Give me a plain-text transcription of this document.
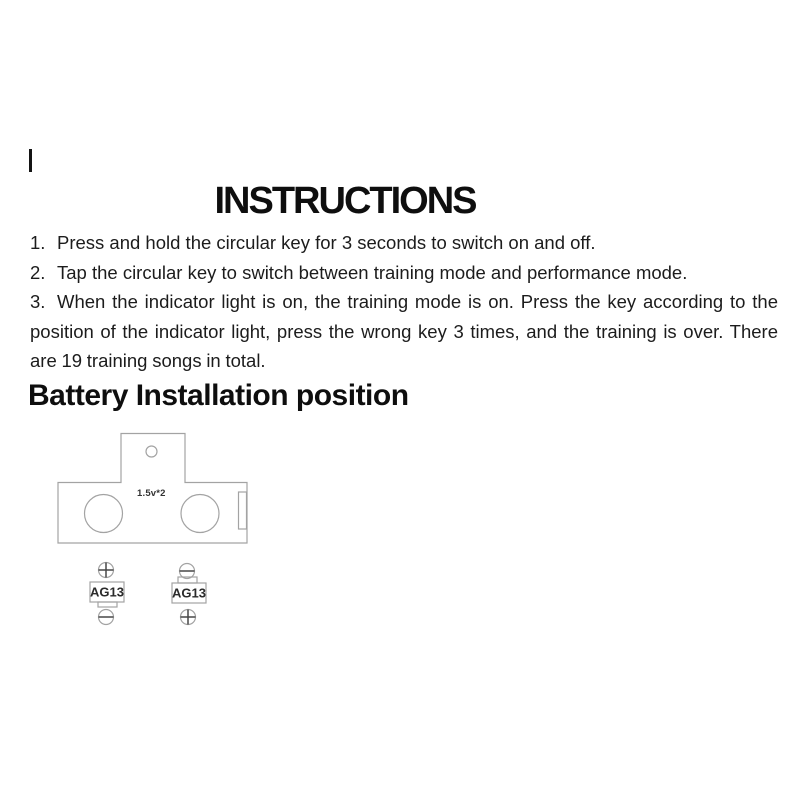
INSTRUCTIONS
1. Press and hold the circular key for 3 seconds to switch on and off.
2. Tap the circular key to switch between training mode and performance mode.
3. When the indicator light is on, the training mode is on. Press the key according to the position of the indicator light, press the wrong key 3 times, and the training is over. There are 19 training songs in total.
Battery Installation position
1.5v*2
AG13	AG13
